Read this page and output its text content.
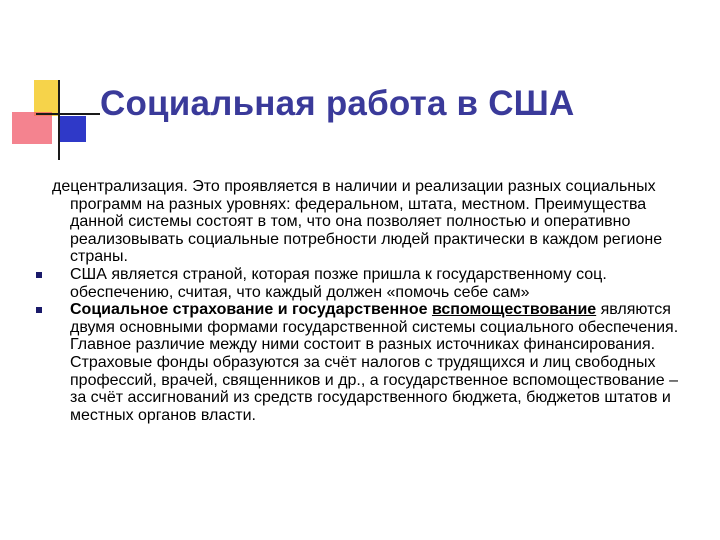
Социальная работа в США
децентрализация. Это проявляется в наличии и реализации разных социальных программ на разных уровнях: федеральном, штата, местном. Преимущества данной системы состоят в том, что она позволяет полностью и оперативно реализовывать социальные потребности людей практически в каждом регионе страны.
США является страной, которая позже пришла к государственному соц. обеспечению, считая, что каждый должен «помочь себе сам»
Социальное страхование и государственное вспомоществование являются двумя основными формами государственной системы социального обеспечения. Главное различие между ними состоит в разных источниках финансирования. Страховые фонды образуются за счёт налогов с трудящихся и лиц свободных профессий, врачей, священников и др., а государственное вспомоществование – за счёт ассигнований из средств государственного бюджета, бюджетов штатов и местных органов власти.
